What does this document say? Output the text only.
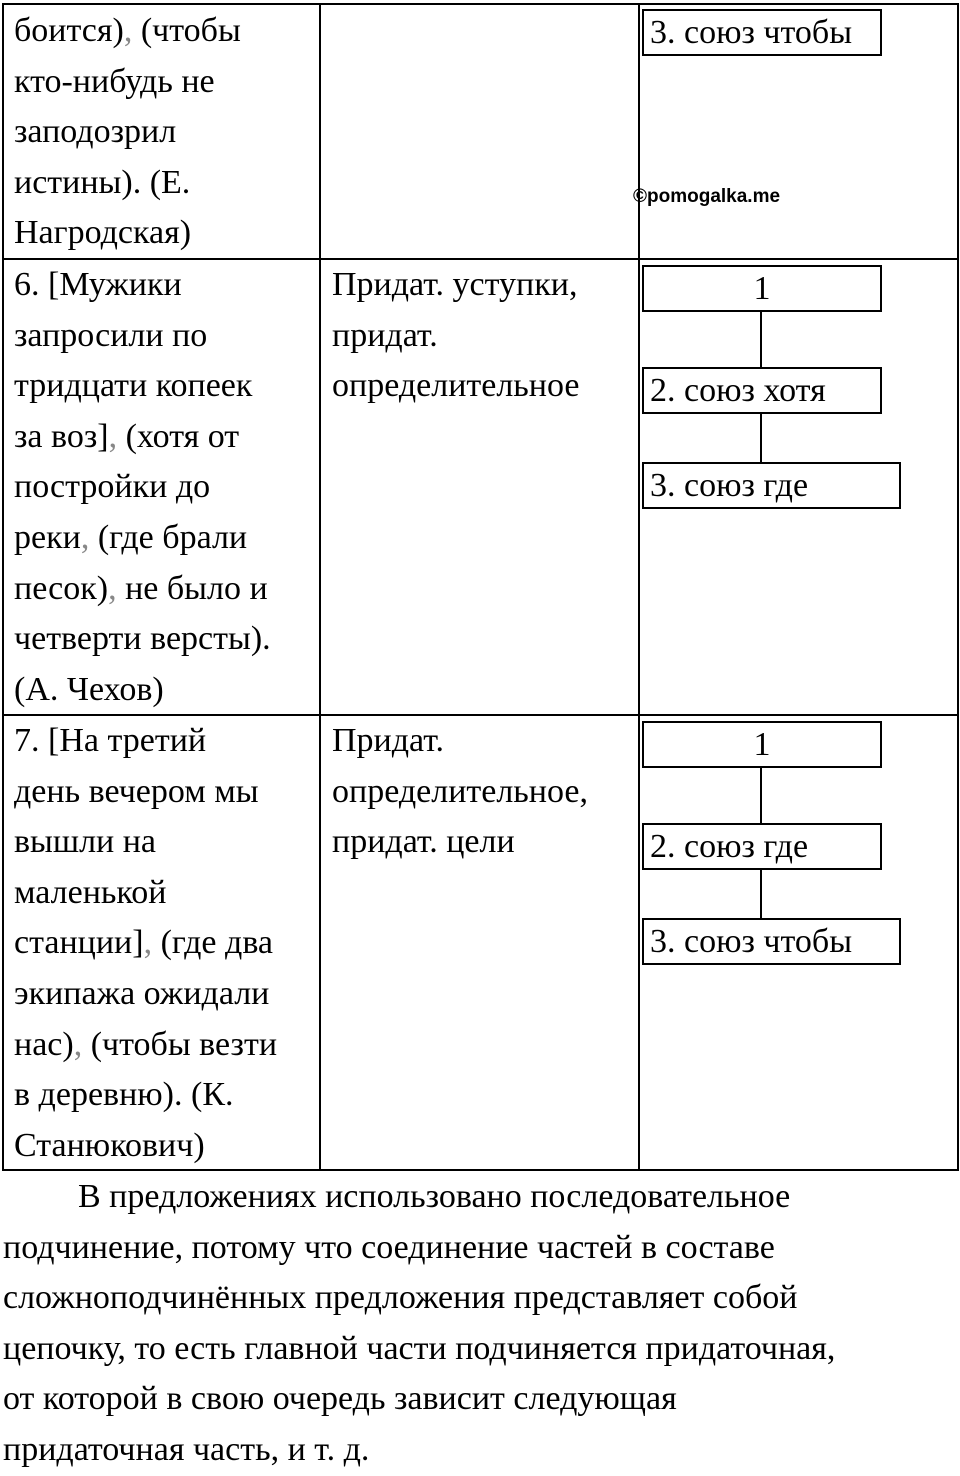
боится), (чтобы
кто-нибудь не
заподозрил
истины). (Е.
Нагродская)
3. союз чтобы
©pomogalka.me
6. [Мужики
запросили по
тридцати копеек
за воз], (хотя от
постройки до
реки, (где брали
песок), не было и
четверти версты).
(А. Чехов)
Придат. уступки,
придат.
определительное
1
2. союз хотя
3. союз где
7. [На третий
день вечером мы
вышли на
маленькой
станции], (где два
экипажа ожидали
нас), (чтобы везти
в деревню). (К.
Станюкович)
Придат.
определительное,
придат. цели
1
2. союз где
3. союз чтобы
В предложениях использовано последовательное
подчинение, потому что соединение частей в составе
сложноподчинённых предложения представляет собой
цепочку, то есть главной части подчиняется придаточная,
от которой в свою очередь зависит следующая
придаточная часть, и т. д.
